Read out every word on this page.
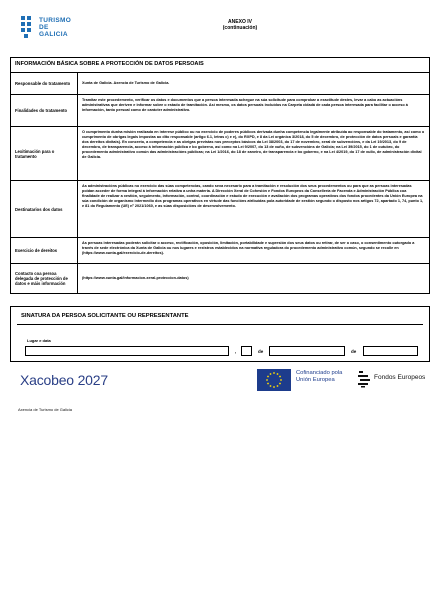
TURISMO
DE
GALICIA
ANEXO IV
(continuación)
INFORMACIÓN BÁSICA SOBRE A PROTECCIÓN DE DATOS PERSOAIS
Responsable do tratamento	Xunta de Galicia. Axencia de Turismo de Galicia.
Finalidades do tratamento	Tramitar este procedemento, verificar os datos e documentos que a persoa interesada achegue na súa solicitude para comprobar a exactitude destes, levar a cabo as actuacións administrativas que deriven e informar sobre o estado de tramitación. Así mesmo, os datos persoais incluídos na Carpeta cidadá de cada persoa interesada para facilitar o acceso á información, tanto persoal como de carácter administrativo.
Lexitimación para o tratamento	O cumprimento dunha misión realizada en interese público ou no exercicio de poderes públicos derivada dunha competencia legalmente atribuída ao responsable do tratamento, así como o cumprimento de obrigas legais impostas ao dito responsable (artigo 6.1, letras c) e e), do RXPD, e 8 da Lei orgánica 3/2018, do 5 de decembro, de protección de datos persoais e garantía dos dereitos dixitais). En concreto, a competencia e as obrigas previstas nos preceptos básicos da Lei 38/2003, do 17 de novembro, xeral de subvencións, e da Lei 19/2013, do 9 de decembro, de transparencia, acceso á información pública e bo goberno, así como na Lei 9/2007, do 13 de xuño, de subvencións de Galicia; na Lei 39/2015, do 1 de outubro, do procedemento administrativo común das administracións públicas; na Lei 1/2016, do 18 de xaneiro, de transparencia e bo goberno, e na Lei 4/2019, do 17 de xullo, de administración dixital de Galicia.
Destinatarios dos datos	As administracións públicas no exercicio das súas competencias, cando sexa necesario para a tramitación e resolución dos seus procedementos ou para que as persoas interesadas poidan acceder de forma integral á información relativa a unha materia. A Dirección Xeral de Cohesión e Fondos Europeos da Consellería de Facenda e Administración Pública coa finalidade de realizar a xestión, seguimento, información, control, coordinación e estudo de execución e avaliación dos programas operativos dos fondos procedentes da Unión Europea na súa condición de organismo intermedio dos programas operativos en virtude das funcións atribuídas pola autoridade de xestión segundo o disposto nos artigos 72, apartado 1, 74, punto 1, e 81 do Regulamento (UE) nº 2021/1060, e as súas disposicións de desenvolvemento.
Exercicio de dereitos	As persoas interesadas poderán solicitar o acceso, rectificación, oposición, limitación, portabilidade e supresión dos seus datos ou retirar, de ser o caso, o consentimento outorgado a través de sede electrónica da Xunta de Galicia ou nos lugares e rexistros establecidos na normativa reguladora do procedemento administrativo común, segundo se recolle en (https://www.xunta.gal/exercicio-de-dereitos).
Contacto coa persoa delegada de protección de datos e máis información	(https://www.xunta.gal/informacion-xeral-proteccion-datos)
SINATURA DA PERSOA SOLICITANTE OU REPRESENTANTE
Lugar e data
,	de	de
Xacobeo 2027	Cofinanciado pola
Unión Europea	Fondos Europeos
Axencia de Turismo de Galicia
